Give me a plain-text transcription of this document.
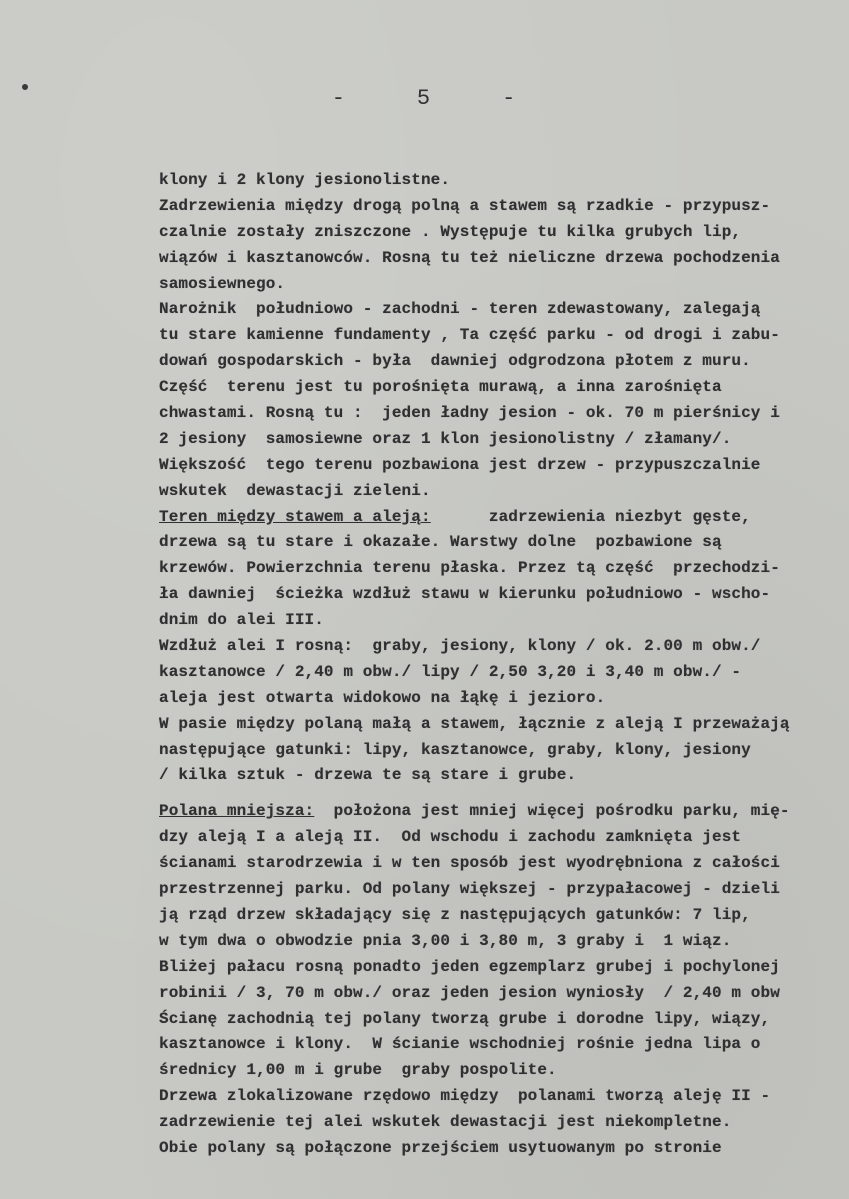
-	5	-
klony i 2 klony jesionolistne.
Zadrzewienia między drogą polną a stawem są rzadkie - przypusz-
czalnie zostały zniszczone . Występuje tu kilka grubych lip,
wiązów i kasztanowców. Rosną tu też nieliczne drzewa pochodzenia
samosiewnego.
Narożnik  południowo - zachodni - teren zdewastowany, zalegają
tu stare kamienne fundamenty , Ta część parku - od drogi i zabu-
dowań gospodarskich - była  dawniej odgrodzona płotem z muru.
Część  terenu jest tu porośnięta murawą, a inna zarośnięta
chwastami. Rosną tu :  jeden ładny jesion - ok. 70 m pierśnicy i
2 jesiony  samosiewne oraz 1 klon jesionolistny / złamany/.
Większość  tego terenu pozbawiona jest drzew - przypuszczalnie
wskutek  dewastacji zieleni.
Teren między stawem a aleją:      zadrzewienia niezbyt gęste,
drzewa są tu stare i okazałe. Warstwy dolne  pozbawione są
krzewów. Powierzchnia terenu płaska. Przez tą część  przechodzi-
ła dawniej  ścieżka wzdłuż stawu w kierunku południowo - wscho-
dnim do alei III.
Wzdłuż alei I rosną:  graby, jesiony, klony / ok. 2.00 m obw./
kasztanowce / 2,40 m obw./ lipy / 2,50 3,20 i 3,40 m obw./ -
aleja jest otwarta widokowo na łąkę i jezioro.
W pasie między polaną małą a stawem, łącznie z aleją I przeważają
następujące gatunki: lipy, kasztanowce, graby, klony, jesiony
/ kilka sztuk - drzewa te są stare i grube.
Polana mniejsza:  położona jest mniej więcej pośrodku parku, mię-
dzy aleją I a aleją II.  Od wschodu i zachodu zamknięta jest
ścianami starodrzewia i w ten sposób jest wyodrębniona z całości
przestrzennej parku. Od polany większej - przypałacowej - dzieli
ją rząd drzew składający się z następujących gatunków: 7 lip,
w tym dwa o obwodzie pnia 3,00 i 3,80 m, 3 graby i  1 wiąz.
Bliżej pałacu rosną ponadto jeden egzemplarz grubej i pochylonej
robinii / 3, 70 m obw./ oraz jeden jesion wyniosły  / 2,40 m obw
Ścianę zachodnią tej polany tworzą grube i dorodne lipy, wiązy,
kasztanowce i klony.  W ścianie wschodniej rośnie jedna lipa o
średnicy 1,00 m i grube  graby pospolite.
Drzewa zlokalizowane rzędowo między  polanami tworzą aleję II -
zadrzewienie tej alei wskutek dewastacji jest niekompletne.
Obie polany są połączone przejściem usytuowanym po stronie
